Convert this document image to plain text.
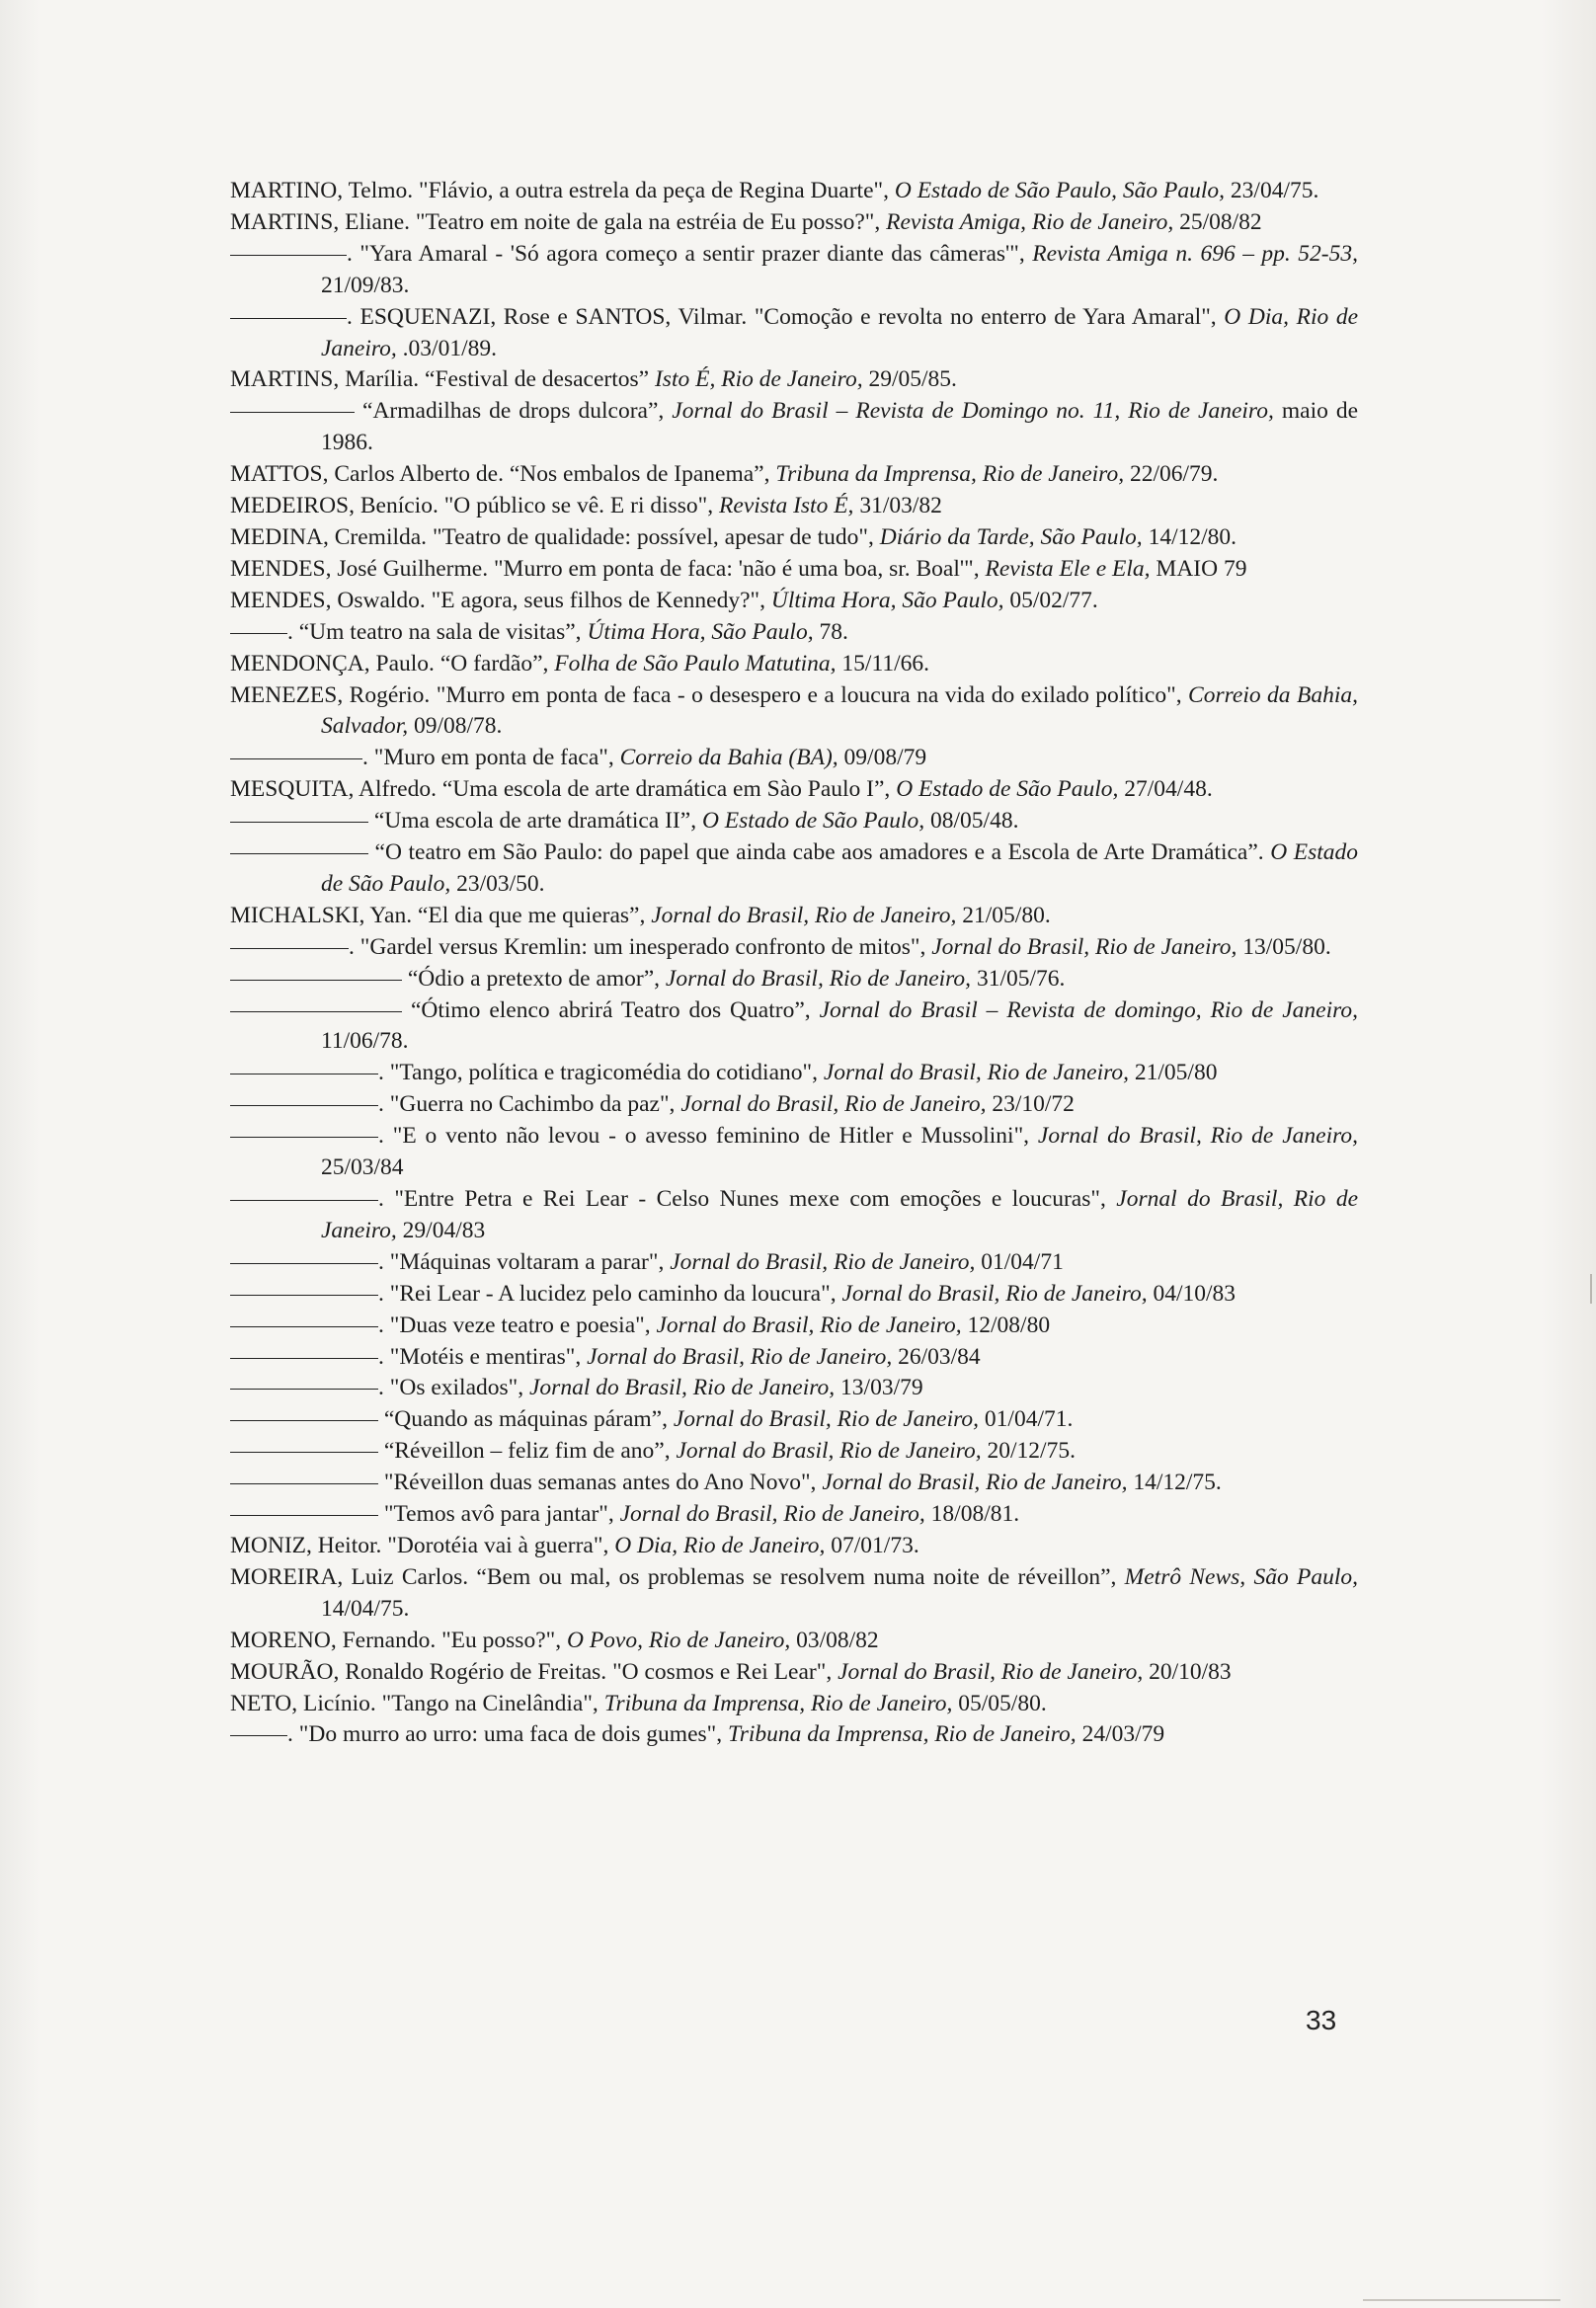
MARTINO, Telmo. "Flávio, a outra estrela da peça de Regina Duarte", O Estado de São Paulo, São Paulo, 23/04/75.
MARTINS, Eliane. "Teatro em noite de gala na estréia de Eu posso?", Revista Amiga, Rio de Janeiro, 25/08/82
. "Yara Amaral - 'Só agora começo a sentir prazer diante das câmeras'", Revista Amiga n. 696 – pp. 52-53, 21/09/83.
. ESQUENAZI, Rose e SANTOS, Vilmar. "Comoção e revolta no enterro de Yara Amaral", O Dia, Rio de Janeiro, .03/01/89.
MARTINS, Marília. “Festival de desacertos” Isto É, Rio de Janeiro, 29/05/85.
“Armadilhas de drops dulcora”, Jornal do Brasil – Revista de Domingo no. 11, Rio de Janeiro, maio de 1986.
MATTOS, Carlos Alberto de. “Nos embalos de Ipanema”, Tribuna da Imprensa, Rio de Janeiro, 22/06/79.
MEDEIROS, Benício. "O público se vê. E ri disso", Revista Isto É, 31/03/82
MEDINA, Cremilda. "Teatro de qualidade: possível, apesar de tudo", Diário da Tarde, São Paulo, 14/12/80.
MENDES, José Guilherme. "Murro em ponta de faca: 'não é uma boa, sr. Boal'", Revista Ele e Ela, MAIO 79
MENDES, Oswaldo. "E agora, seus filhos de Kennedy?", Última Hora, São Paulo, 05/02/77.
. “Um teatro na sala de visitas”, Útima Hora, São Paulo, 78.
MENDONÇA, Paulo. “O fardão”, Folha de São Paulo Matutina, 15/11/66.
MENEZES, Rogério. "Murro em ponta de faca - o desespero e a loucura na vida do exilado político", Correio da Bahia, Salvador, 09/08/78.
. "Muro em ponta de faca", Correio da Bahia (BA), 09/08/79
MESQUITA, Alfredo. “Uma escola de arte dramática em Sào Paulo I”, O Estado de São Paulo, 27/04/48.
“Uma escola de arte dramática II”, O Estado de São Paulo, 08/05/48.
“O teatro em São Paulo: do papel que ainda cabe aos amadores e a Escola de Arte Dramática”. O Estado de São Paulo, 23/03/50.
MICHALSKI, Yan. “El dia que me quieras”, Jornal do Brasil, Rio de Janeiro, 21/05/80.
. "Gardel versus Kremlin: um inesperado confronto de mitos", Jornal do Brasil, Rio de Janeiro, 13/05/80.
“Ódio a pretexto de amor”, Jornal do Brasil, Rio de Janeiro, 31/05/76.
“Ótimo elenco abrirá Teatro dos Quatro”, Jornal do Brasil – Revista de domingo, Rio de Janeiro, 11/06/78.
. "Tango, política e tragicomédia do cotidiano", Jornal do Brasil, Rio de Janeiro, 21/05/80
. "Guerra no Cachimbo da paz", Jornal do Brasil, Rio de Janeiro, 23/10/72
. "E o vento não levou - o avesso feminino de Hitler e Mussolini", Jornal do Brasil, Rio de Janeiro, 25/03/84
. "Entre Petra e Rei Lear - Celso Nunes mexe com emoções e loucuras", Jornal do Brasil, Rio de Janeiro, 29/04/83
. "Máquinas voltaram a parar", Jornal do Brasil, Rio de Janeiro, 01/04/71
. "Rei Lear - A lucidez pelo caminho da loucura", Jornal do Brasil, Rio de Janeiro, 04/10/83
. "Duas veze teatro e poesia", Jornal do Brasil, Rio de Janeiro, 12/08/80
. "Motéis e mentiras", Jornal do Brasil, Rio de Janeiro, 26/03/84
. "Os exilados", Jornal do Brasil, Rio de Janeiro, 13/03/79
“Quando as máquinas páram”, Jornal do Brasil, Rio de Janeiro, 01/04/71.
“Réveillon – feliz fim de ano”, Jornal do Brasil, Rio de Janeiro, 20/12/75.
"Réveillon duas semanas antes do Ano Novo", Jornal do Brasil, Rio de Janeiro, 14/12/75.
"Temos avô para jantar", Jornal do Brasil, Rio de Janeiro, 18/08/81.
MONIZ, Heitor. "Dorotéia vai à guerra", O Dia, Rio de Janeiro, 07/01/73.
MOREIRA, Luiz Carlos. “Bem ou mal, os problemas se resolvem numa noite de réveillon”, Metrô News, São Paulo, 14/04/75.
MORENO, Fernando. "Eu posso?", O Povo, Rio de Janeiro, 03/08/82
MOURÃO, Ronaldo Rogério de Freitas. "O cosmos e Rei Lear", Jornal do Brasil, Rio de Janeiro, 20/10/83
NETO, Licínio. "Tango na Cinelândia", Tribuna da Imprensa, Rio de Janeiro, 05/05/80.
. "Do murro ao urro: uma faca de dois gumes", Tribuna da Imprensa, Rio de Janeiro, 24/03/79
33
